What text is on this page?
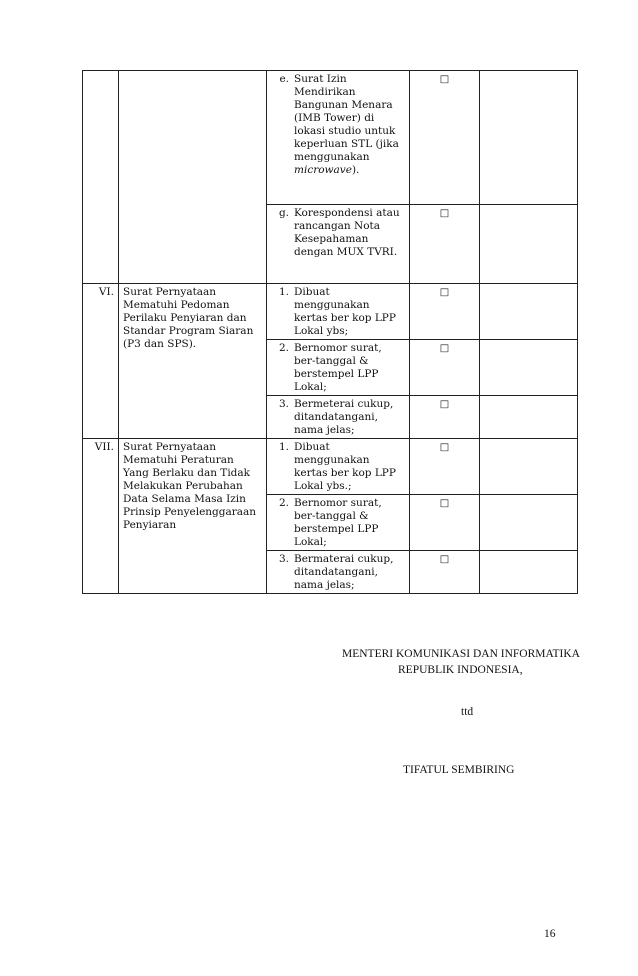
		e. Surat Izin Mendirikan Bangunan Menara (IMB Tower) di lokasi studio untuk keperluan STL (jika menggunakan microwave).	□	

		g. Korespondensi atau rancangan Nota Kesepahaman dengan MUX TVRI.	□	
VI.	Surat Pernyataan Mematuhi Pedoman Perilaku Penyiaran dan Standar Program Siaran (P3 dan SPS).	1. Dibuat menggunakan kertas ber kop LPP Lokal ybs;	□	

		2. Bernomor surat, ber-tanggal & berstempel LPP Lokal;	□	

		3. Bermeterai cukup, ditandatangani, nama jelas;	□	
VII.	Surat Pernyataan Mematuhi Peraturan Yang Berlaku dan Tidak Melakukan Perubahan Data Selama Masa Izin Prinsip Penyelenggaraan Penyiaran	1. Dibuat menggunakan kertas ber kop LPP Lokal ybs.;	□	

		2. Bernomor surat, ber-tanggal & berstempel LPP Lokal;	□	

		3. Bermaterai cukup, ditandatangani, nama jelas;	□	
MENTERI KOMUNIKASI DAN INFORMATIKA
REPUBLIK INDONESIA,
ttd
TIFATUL SEMBIRING
16
